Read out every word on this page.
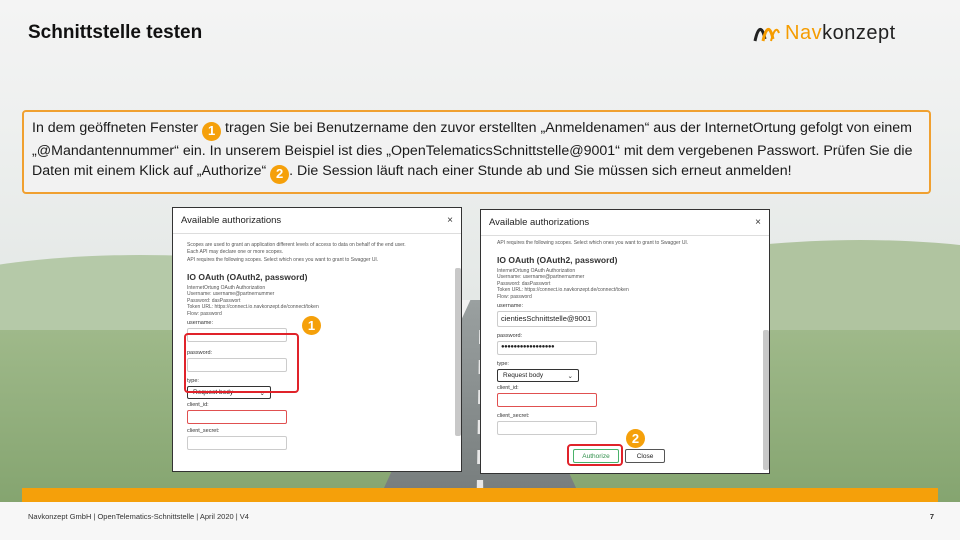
Schnittstelle testen	Navkonzept
In dem geöffneten Fenster 1 tragen Sie bei Benutzername den zuvor erstellten „Anmeldenamen“ aus der InternetOrtung gefolgt von einem „@Mandantennummer“ ein. In unserem Beispiel ist dies „OpenTelematicsSchnittstelle@9001“ mit dem vergebenen Passwort. Prüfen Sie die Daten mit einem Klick auf „Authorize“ 2 . Die Session läuft nach einer Stunde ab und Sie müssen sich erneut anmelden!
Available authorizations	×
Scopes are used to grant an application different levels of access to data on behalf of the end user.
Each API may declare one or more scopes.
API requires the following scopes. Select which ones you want to grant to Swagger UI.
IO OAuth (OAuth2, password)
InternetOrtung OAuth Authorization
Username: username@partnernummer
Password: dasPasswort
Token URL: https://connect.io.navkonzept.de/connect/token
Flow: password
username:
password:
type:
Request body	⌄
client_id:
client_secret:
1
Available authorizations	×
API requires the following scopes. Select which ones you want to grant to Swagger UI.
IO OAuth (OAuth2, password)
InternetOrtung OAuth Authorization
Username: username@partnernummer
Password: dasPasswort
Token URL: https://connect.io.navkonzept.de/connect/token
Flow: password
username:
cientiesSchnittstelle@9001
password:
●●●●●●●●●●●●●●●●●
type:
Request body	⌄
client_id:
client_secret:
Authorize	Close
2
Navkonzept GmbH | OpenTelematics-Schnittstelle | April 2020 | V4	7
